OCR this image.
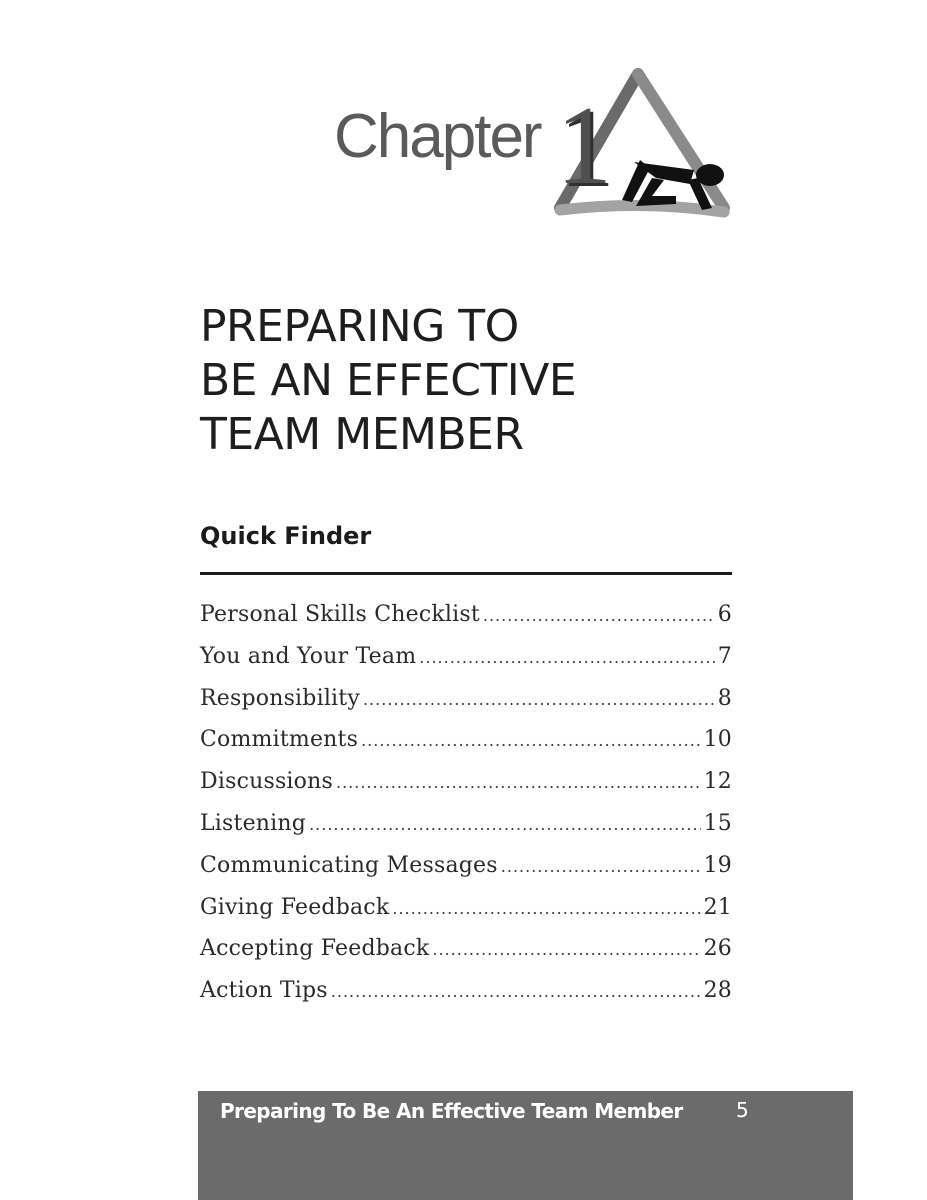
Chapter 1
PREPARING TO
BE AN EFFECTIVE
TEAM MEMBER
Quick Finder
Personal Skills Checklist .....	6
You and Your Team .....	7
Responsibility .....	8
Commitments .....	10
Discussions .....	12
Listening .....	15
Communicating Messages .....	19
Giving Feedback .....	21
Accepting Feedback .....	26
Action Tips .....	28
Preparing To Be An Effective Team Member	5
